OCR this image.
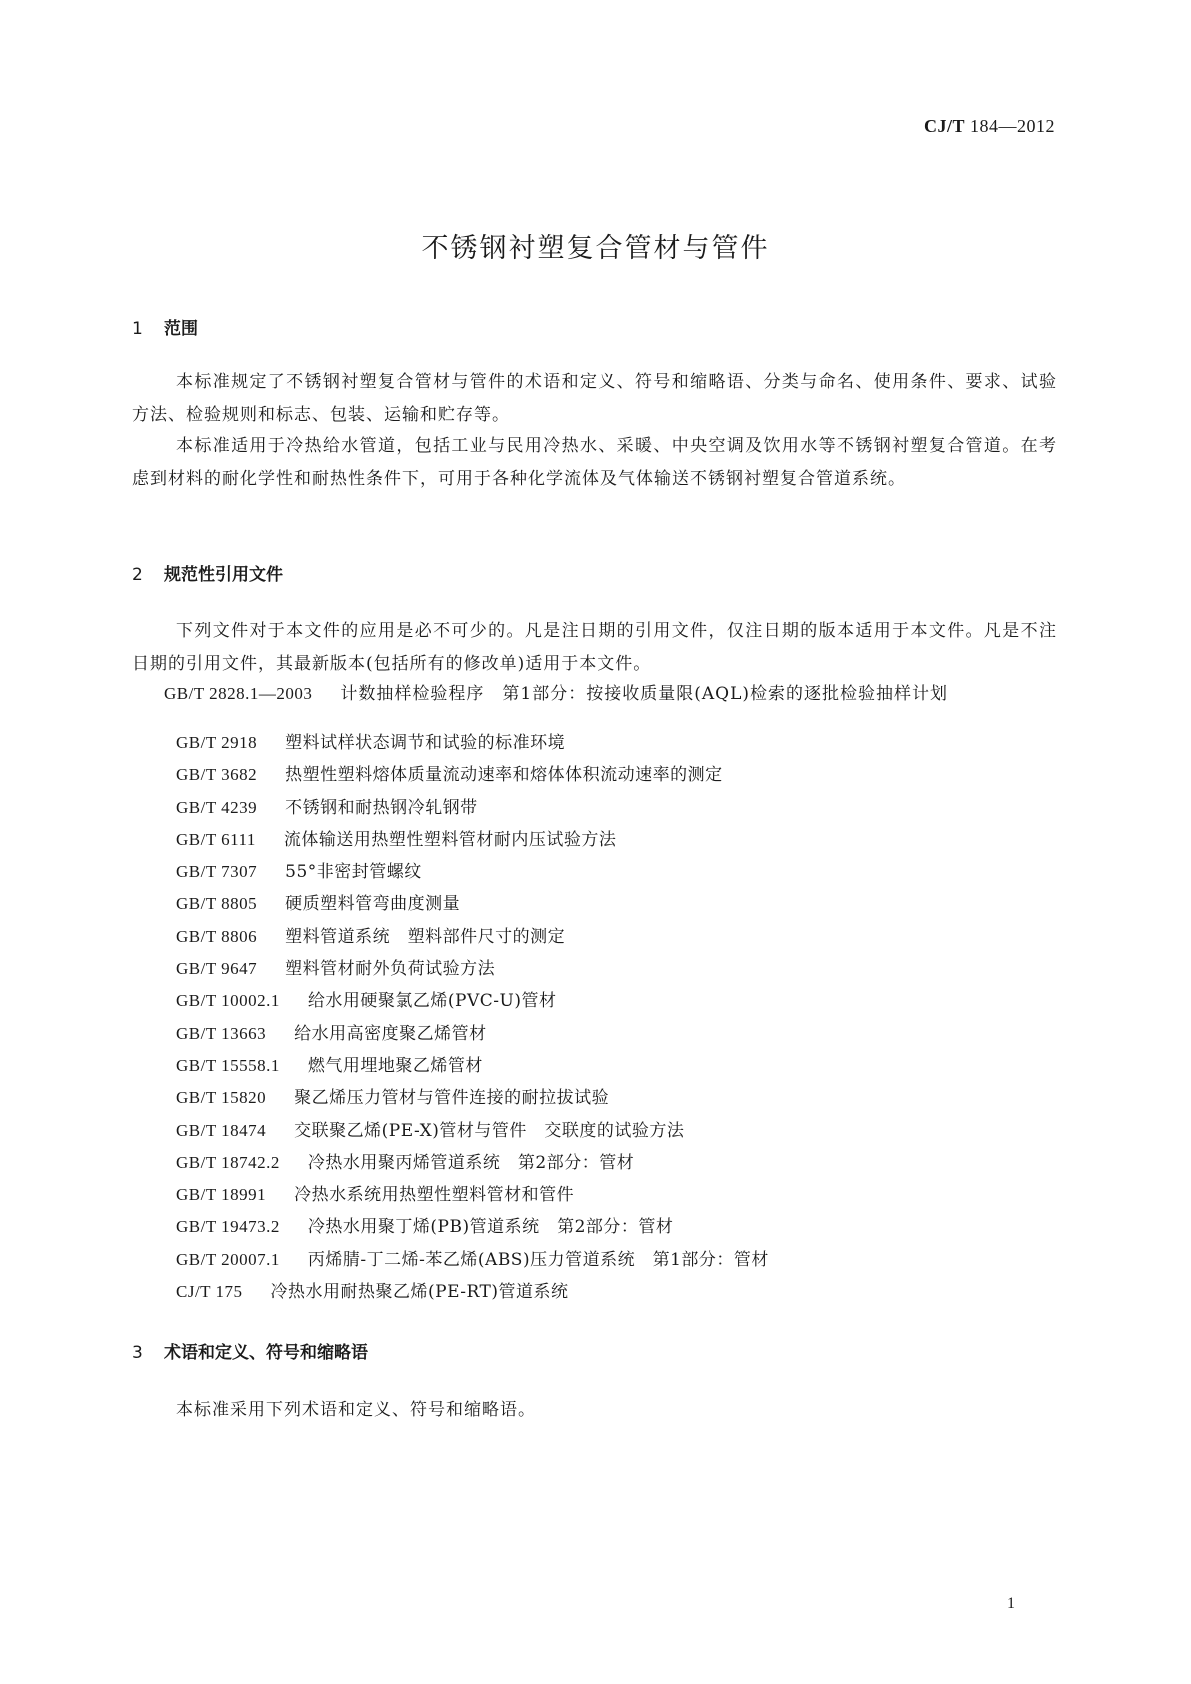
CJ/T 184—2012
不锈钢衬塑复合管材与管件
1 范围
本标准规定了不锈钢衬塑复合管材与管件的术语和定义、符号和缩略语、分类与命名、使用条件、要求、试验方法、检验规则和标志、包装、运输和贮存等。
本标准适用于冷热给水管道，包括工业与民用冷热水、采暖、中央空调及饮用水等不锈钢衬塑复合管道。在考虑到材料的耐化学性和耐热性条件下，可用于各种化学流体及气体输送不锈钢衬塑复合管道系统。
2 规范性引用文件
下列文件对于本文件的应用是必不可少的。凡是注日期的引用文件，仅注日期的版本适用于本文件。凡是不注日期的引用文件，其最新版本(包括所有的修改单)适用于本文件。
GB/T 2828.1—2003 计数抽样检验程序　第1部分：按接收质量限(AQL)检索的逐批检验抽样计划
GB/T 2918 塑料试样状态调节和试验的标准环境
GB/T 3682 热塑性塑料熔体质量流动速率和熔体体积流动速率的测定
GB/T 4239 不锈钢和耐热钢冷轧钢带
GB/T 6111 流体输送用热塑性塑料管材耐内压试验方法
GB/T 7307 55°非密封管螺纹
GB/T 8805 硬质塑料管弯曲度测量
GB/T 8806 塑料管道系统　塑料部件尺寸的测定
GB/T 9647 塑料管材耐外负荷试验方法
GB/T 10002.1 给水用硬聚氯乙烯(PVC-U)管材
GB/T 13663 给水用高密度聚乙烯管材
GB/T 15558.1 燃气用埋地聚乙烯管材
GB/T 15820 聚乙烯压力管材与管件连接的耐拉拔试验
GB/T 18474 交联聚乙烯(PE-X)管材与管件　交联度的试验方法
GB/T 18742.2 冷热水用聚丙烯管道系统　第2部分：管材
GB/T 18991 冷热水系统用热塑性塑料管材和管件
GB/T 19473.2 冷热水用聚丁烯(PB)管道系统　第2部分：管材
GB/T 20007.1 丙烯腈-丁二烯-苯乙烯(ABS)压力管道系统　第1部分：管材
CJ/T 175 冷热水用耐热聚乙烯(PE-RT)管道系统
3 术语和定义、符号和缩略语
本标准采用下列术语和定义、符号和缩略语。
1
